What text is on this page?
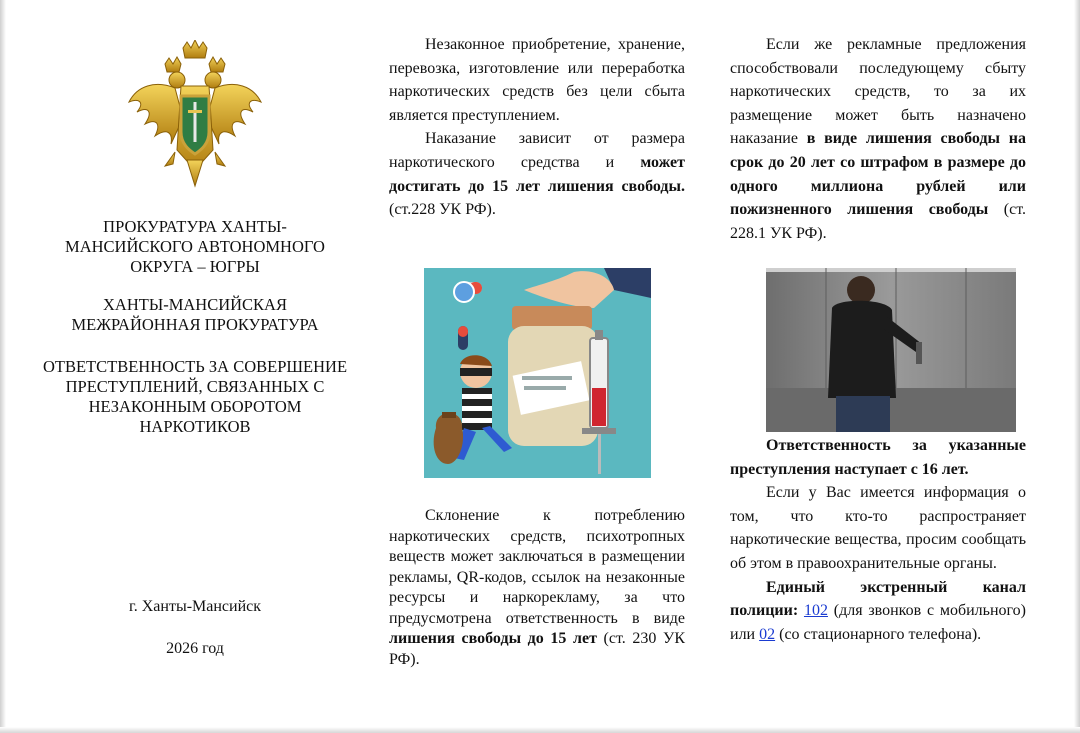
ПРОКУРАТУРА ХАНТЫ-МАНСИЙСКОГО АВТОНОМНОГО ОКРУГА – ЮГРЫ

ХАНТЫ-МАНСИЙСКАЯ МЕЖРАЙОННАЯ ПРОКУРАТУРА

ОТВЕТСТВЕННОСТЬ ЗА СОВЕРШЕНИЕ ПРЕСТУПЛЕНИЙ, СВЯЗАННЫХ С НЕЗАКОННЫМ ОБОРОТОМ НАРКОТИКОВ

г. Ханты-Мансийск
2026 год

Незаконное приобретение, хранение, перевозка, изготовление или переработка наркотических средств без цели сбыта является преступлением.

Наказание зависит от размера наркотического средства и может достигать до 15 лет лишения свободы. (ст.228 УК РФ).

Склонение к потреблению наркотических средств, психотропных веществ может заключаться в размещении рекламы, QR-кодов, ссылок на незаконные ресурсы и наркорекламу, за что предусмотрена ответственность в виде лишения свободы до 15 лет (ст. 230 УК РФ).

Если же рекламные предложения способствовали последующему сбыту наркотических средств, то за их размещение может быть назначено наказание в виде лишения свободы на срок до 20 лет со штрафом в размере до одного миллиона рублей или пожизненного лишения свободы (ст. 228.1 УК РФ).

Ответственность за указанные преступления наступает с 16 лет.

Если у Вас имеется информация о том, что кто-то распространяет наркотические вещества, просим сообщать об этом в правоохранительные органы.

Единый экстренный канал полиции: 102 (для звонков с мобильного) или 02 (со стационарного телефона).
